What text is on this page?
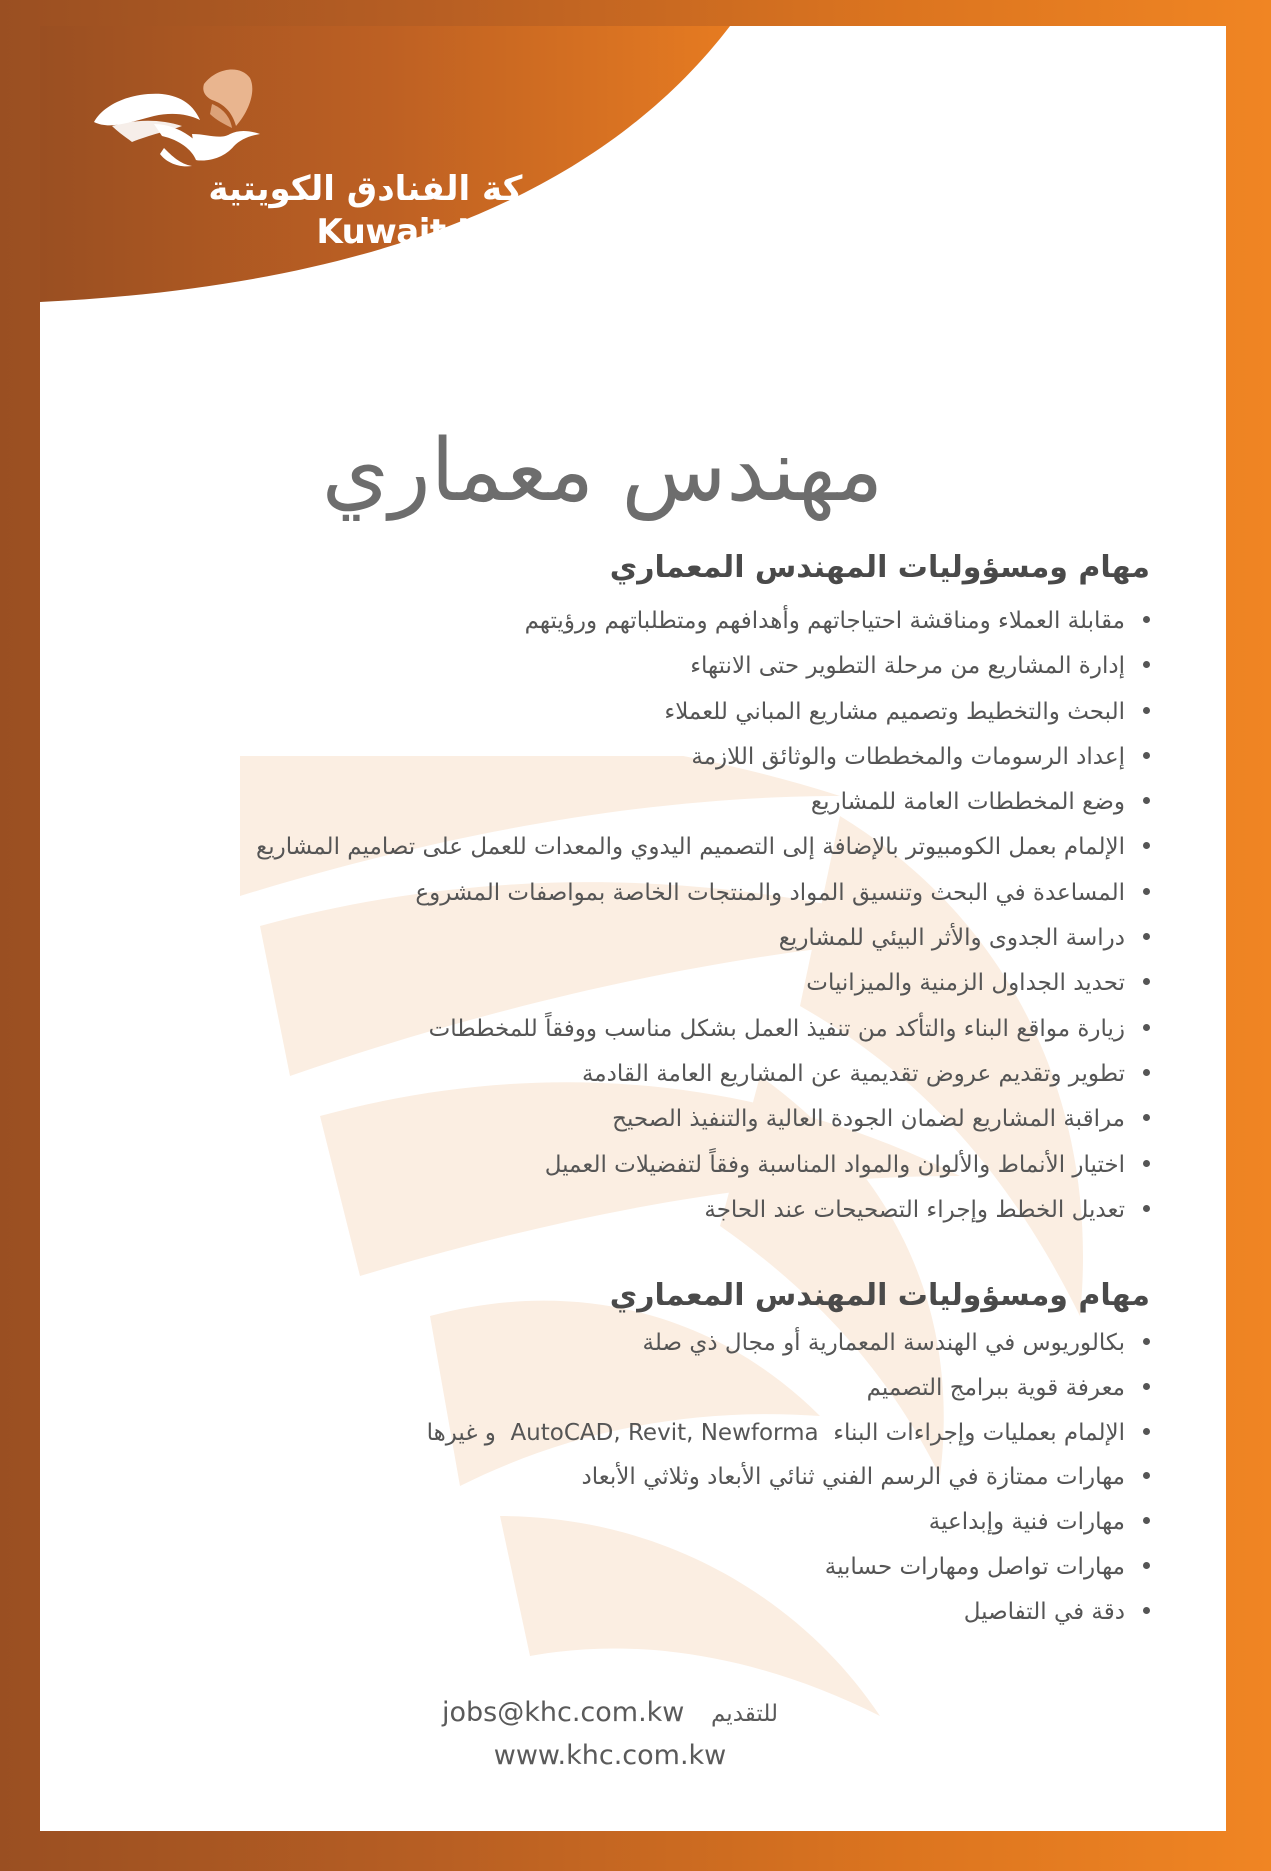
شركة الفنادق الكويتية

Kuwait Hotels Company

مهندس معماري
مهام ومسؤوليات المهندس المعماري
مقابلة العملاء ومناقشة احتياجاتهم وأهدافهم ومتطلباتهم ورؤيتهم
إدارة المشاريع من مرحلة التطوير حتى الانتهاء
البحث والتخطيط وتصميم مشاريع المباني للعملاء
إعداد الرسومات والمخططات والوثائق اللازمة
وضع المخططات العامة للمشاريع
الإلمام بعمل الكومبيوتر بالإضافة إلى التصميم اليدوي والمعدات للعمل على تصاميم المشاريع
المساعدة في البحث وتنسيق المواد والمنتجات الخاصة بمواصفات المشروع
دراسة الجدوى والأثر البيئي للمشاريع
تحديد الجداول الزمنية والميزانيات
زيارة مواقع البناء والتأكد من تنفيذ العمل بشكل مناسب ووفقاً للمخططات
تطوير وتقديم عروض تقديمية عن المشاريع العامة القادمة
مراقبة المشاريع لضمان الجودة العالية والتنفيذ الصحيح
اختيار الأنماط والألوان والمواد المناسبة وفقاً لتفضيلات العميل
تعديل الخطط وإجراء التصحيحات عند الحاجة
مهام ومسؤوليات المهندس المعماري
بكالوريوس في الهندسة المعمارية أو مجال ذي صلة
معرفة قوية ببرامج التصميم
الإلمام بعمليات وإجراءات البناء  AutoCAD, Revit, Newforma  و غيرها
مهارات ممتازة في الرسم الفني ثنائي الأبعاد وثلاثي الأبعاد
مهارات فنية وإبداعية
مهارات تواصل ومهارات حسابية
دقة في التفاصيل
jobs@khc.com.kw للتقديم
www.khc.com.kw
